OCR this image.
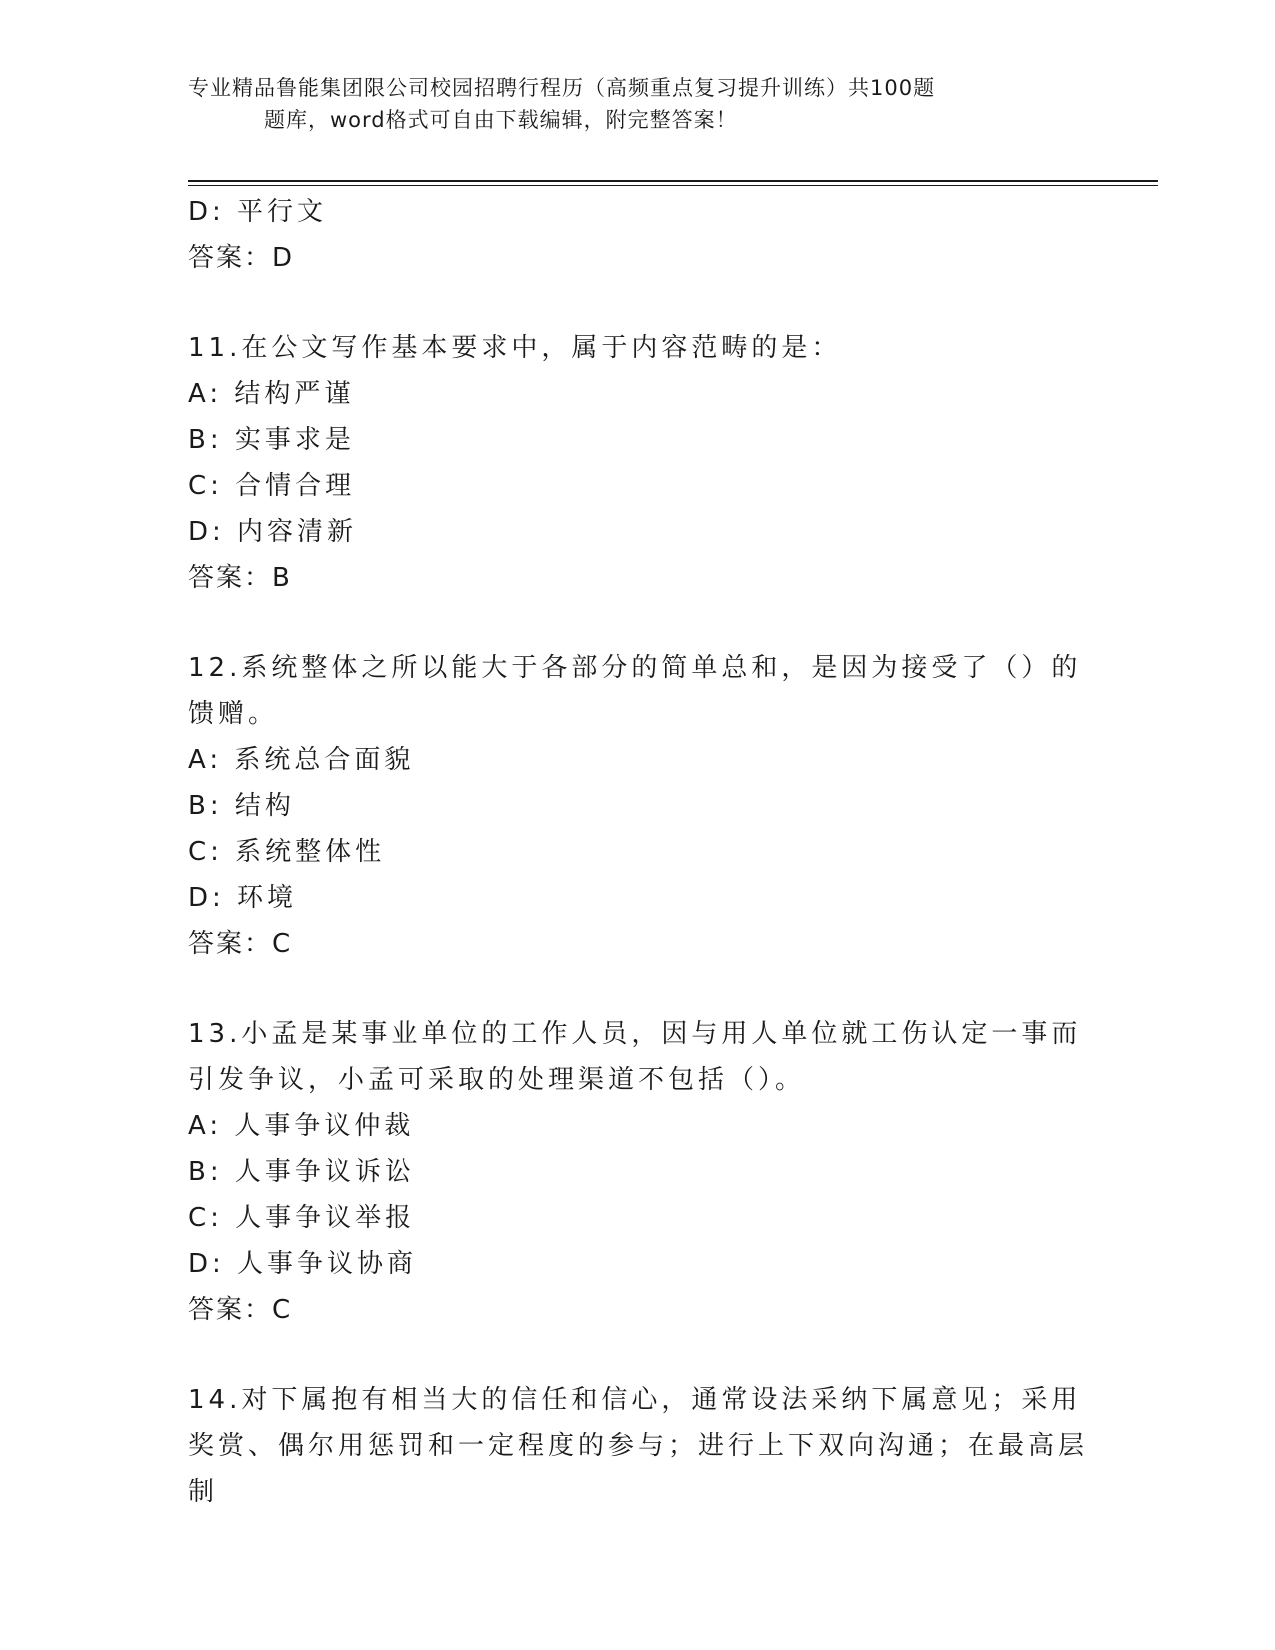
专业精品鲁能集团限公司校园招聘行程历（高频重点复习提升训练）共100题
题库，word格式可自由下载编辑，附完整答案！
D: 平行文
答案：D
11.在公文写作基本要求中，属于内容范畴的是：
A: 结构严谨
B: 实事求是
C: 合情合理
D: 内容清新
答案：B
12.系统整体之所以能大于各部分的简单总和，是因为接受了（）的馈赠。
A: 系统总合面貌
B: 结构
C: 系统整体性
D: 环境
答案：C
13.小孟是某事业单位的工作人员，因与用人单位就工伤认定一事而引发争议，小孟可采取的处理渠道不包括（）。
A: 人事争议仲裁
B: 人事争议诉讼
C: 人事争议举报
D: 人事争议协商
答案：C
14.对下属抱有相当大的信任和信心，通常设法采纳下属意见；采用奖赏、偶尔用惩罚和一定程度的参与；进行上下双向沟通；在最高层制
